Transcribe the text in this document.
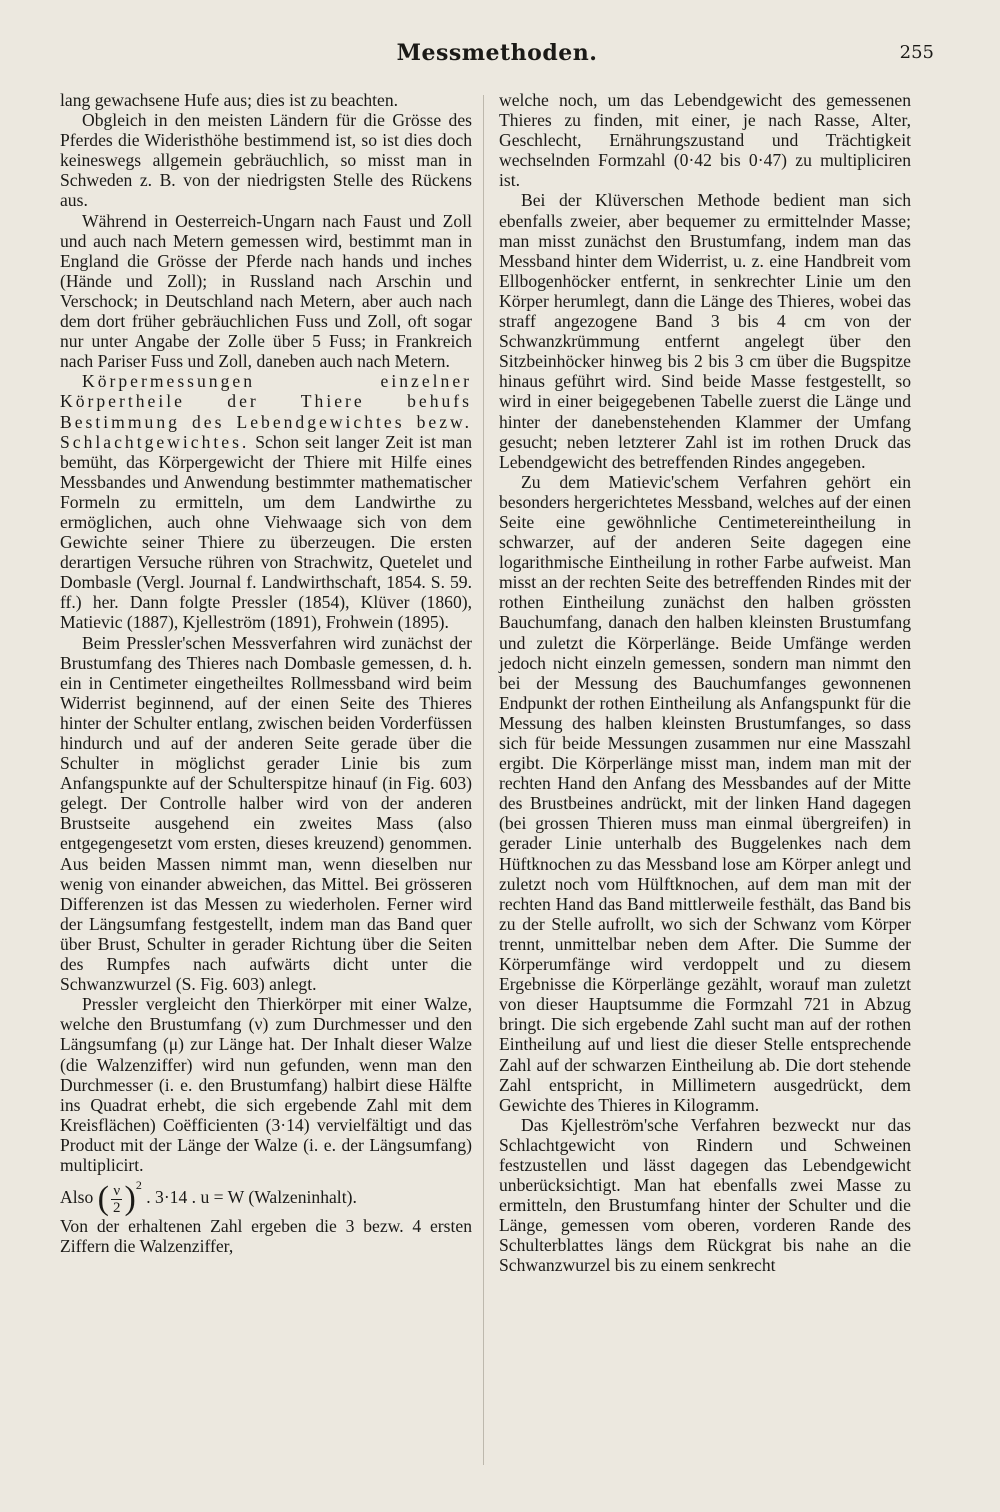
Messmethoden.	255

lang gewachsene Hufe aus; dies ist zu beachten.

Obgleich in den meisten Ländern für die Grösse des Pferdes die Wideristhöhe bestimmend ist, so ist dies doch keineswegs allgemein gebräuchlich, so misst man in Schweden z. B. von der niedrigsten Stelle des Rückens aus.

Während in Oesterreich-Ungarn nach Faust und Zoll und auch nach Metern gemessen wird, bestimmt man in England die Grösse der Pferde nach hands und inches (Hände und Zoll); in Russland nach Arschin und Verschock; in Deutschland nach Metern, aber auch nach dem dort früher gebräuchlichen Fuss und Zoll, oft sogar nur unter Angabe der Zolle über 5 Fuss; in Frankreich nach Pariser Fuss und Zoll, daneben auch nach Metern.

Körpermessungen einzelner Körpertheile der Thiere behufs Bestimmung des Lebendgewichtes bezw. Schlachtgewichtes. Schon seit langer Zeit ist man bemüht, das Körpergewicht der Thiere mit Hilfe eines Messbandes und Anwendung bestimmter mathematischer Formeln zu ermitteln, um dem Landwirthe zu ermöglichen, auch ohne Viehwaage sich von dem Gewichte seiner Thiere zu überzeugen. Die ersten derartigen Versuche rühren von Strachwitz, Quetelet und Dombasle (Vergl. Journal f. Landwirthschaft, 1854. S. 59. ff.) her. Dann folgte Pressler (1854), Klüver (1860), Matievic (1887), Kjelleström (1891), Frohwein (1895).

Beim Pressler'schen Messverfahren wird zunächst der Brustumfang des Thieres nach Dombasle gemessen, d. h. ein in Centimeter eingetheiltes Rollmessband wird beim Widerrist beginnend, auf der einen Seite des Thieres hinter der Schulter entlang, zwischen beiden Vorderfüssen hindurch und auf der anderen Seite gerade über die Schulter in möglichst gerader Linie bis zum Anfangspunkte auf der Schulterspitze hinauf (in Fig. 603) gelegt. Der Controlle halber wird von der anderen Brustseite ausgehend ein zweites Mass (also entgegengesetzt vom ersten, dieses kreuzend) genommen. Aus beiden Massen nimmt man, wenn dieselben nur wenig von einander abweichen, das Mittel. Bei grösseren Differenzen ist das Messen zu wiederholen. Ferner wird der Längsumfang festgestellt, indem man das Band quer über Brust, Schulter in gerader Richtung über die Seiten des Rumpfes nach aufwärts dicht unter die Schwanzwurzel (S. Fig. 603) anlegt.

Pressler vergleicht den Thierkörper mit einer Walze, welche den Brustumfang (ν) zum Durchmesser und den Längsumfang (μ) zur Länge hat. Der Inhalt dieser Walze (die Walzenziffer) wird nun gefunden, wenn man den Durchmesser (i. e. den Brustumfang) halbirt diese Hälfte ins Quadrat erhebt, die sich ergebende Zahl mit dem Kreisflächen) Coëfficienten (3·14) vervielfältigt und das Product mit der Länge der Walze (i. e. der Längsumfang) multiplicirt.

Also ( $\frac{\nu}{2} )^2$ . 3·14 . u = W (Walzeninhalt).

Von der erhaltenen Zahl ergeben die 3 bezw. 4 ersten Ziffern die Walzenziffer,

welche noch, um das Lebendgewicht des gemessenen Thieres zu finden, mit einer, je nach Rasse, Alter, Geschlecht, Ernährungszustand und Trächtigkeit wechselnden Formzahl (0·42 bis 0·47) zu multipliciren ist.

Bei der Klüverschen Methode bedient man sich ebenfalls zweier, aber bequemer zu ermittelnder Masse; man misst zunächst den Brustumfang, indem man das Messband hinter dem Widerrist, u. z. eine Handbreit vom Ellbogenhöcker entfernt, in senkrechter Linie um den Körper herumlegt, dann die Länge des Thieres, wobei das straff angezogene Band 3 bis 4 cm von der Schwanzkrümmung entfernt angelegt über den Sitzbeinhöcker hinweg bis 2 bis 3 cm über die Bugspitze hinaus geführt wird. Sind beide Masse festgestellt, so wird in einer beigegebenen Tabelle zuerst die Länge und hinter der danebenstehenden Klammer der Umfang gesucht; neben letzterer Zahl ist im rothen Druck das Lebendgewicht des betreffenden Rindes angegeben.

Zu dem Matievic'schem Verfahren gehört ein besonders hergerichtetes Messband, welches auf der einen Seite eine gewöhnliche Centimetereintheilung in schwarzer, auf der anderen Seite dagegen eine logarithmische Eintheilung in rother Farbe aufweist. Man misst an der rechten Seite des betreffenden Rindes mit der rothen Eintheilung zunächst den halben grössten Bauchumfang, danach den halben kleinsten Brustumfang und zuletzt die Körperlänge. Beide Umfänge werden jedoch nicht einzeln gemessen, sondern man nimmt den bei der Messung des Bauchumfanges gewonnenen Endpunkt der rothen Eintheilung als Anfangspunkt für die Messung des halben kleinsten Brustumfanges, so dass sich für beide Messungen zusammen nur eine Masszahl ergibt. Die Körperlänge misst man, indem man mit der rechten Hand den Anfang des Messbandes auf der Mitte des Brustbeines andrückt, mit der linken Hand dagegen (bei grossen Thieren muss man einmal übergreifen) in gerader Linie unterhalb des Buggelenkes nach dem Hüftknochen zu das Messband lose am Körper anlegt und zuletzt noch vom Hülftknochen, auf dem man mit der rechten Hand das Band mittlerweile festhält, das Band bis zu der Stelle aufrollt, wo sich der Schwanz vom Körper trennt, unmittelbar neben dem After. Die Summe der Körperumfänge wird verdoppelt und zu diesem Ergebnisse die Körperlänge gezählt, worauf man zuletzt von dieser Hauptsumme die Formzahl 721 in Abzug bringt. Die sich ergebende Zahl sucht man auf der rothen Eintheilung auf und liest die dieser Stelle entsprechende Zahl auf der schwarzen Eintheilung ab. Die dort stehende Zahl entspricht, in Millimetern ausgedrückt, dem Gewichte des Thieres in Kilogramm.

Das Kjelleström'sche Verfahren bezweckt nur das Schlachtgewicht von Rindern und Schweinen festzustellen und lässt dagegen das Lebendgewicht unberücksichtigt. Man hat ebenfalls zwei Masse zu ermitteln, den Brustumfang hinter der Schulter und die Länge, gemessen vom oberen, vorderen Rande des Schulterblattes längs dem Rückgrat bis nahe an die Schwanzwurzel bis zu einem senkrecht
